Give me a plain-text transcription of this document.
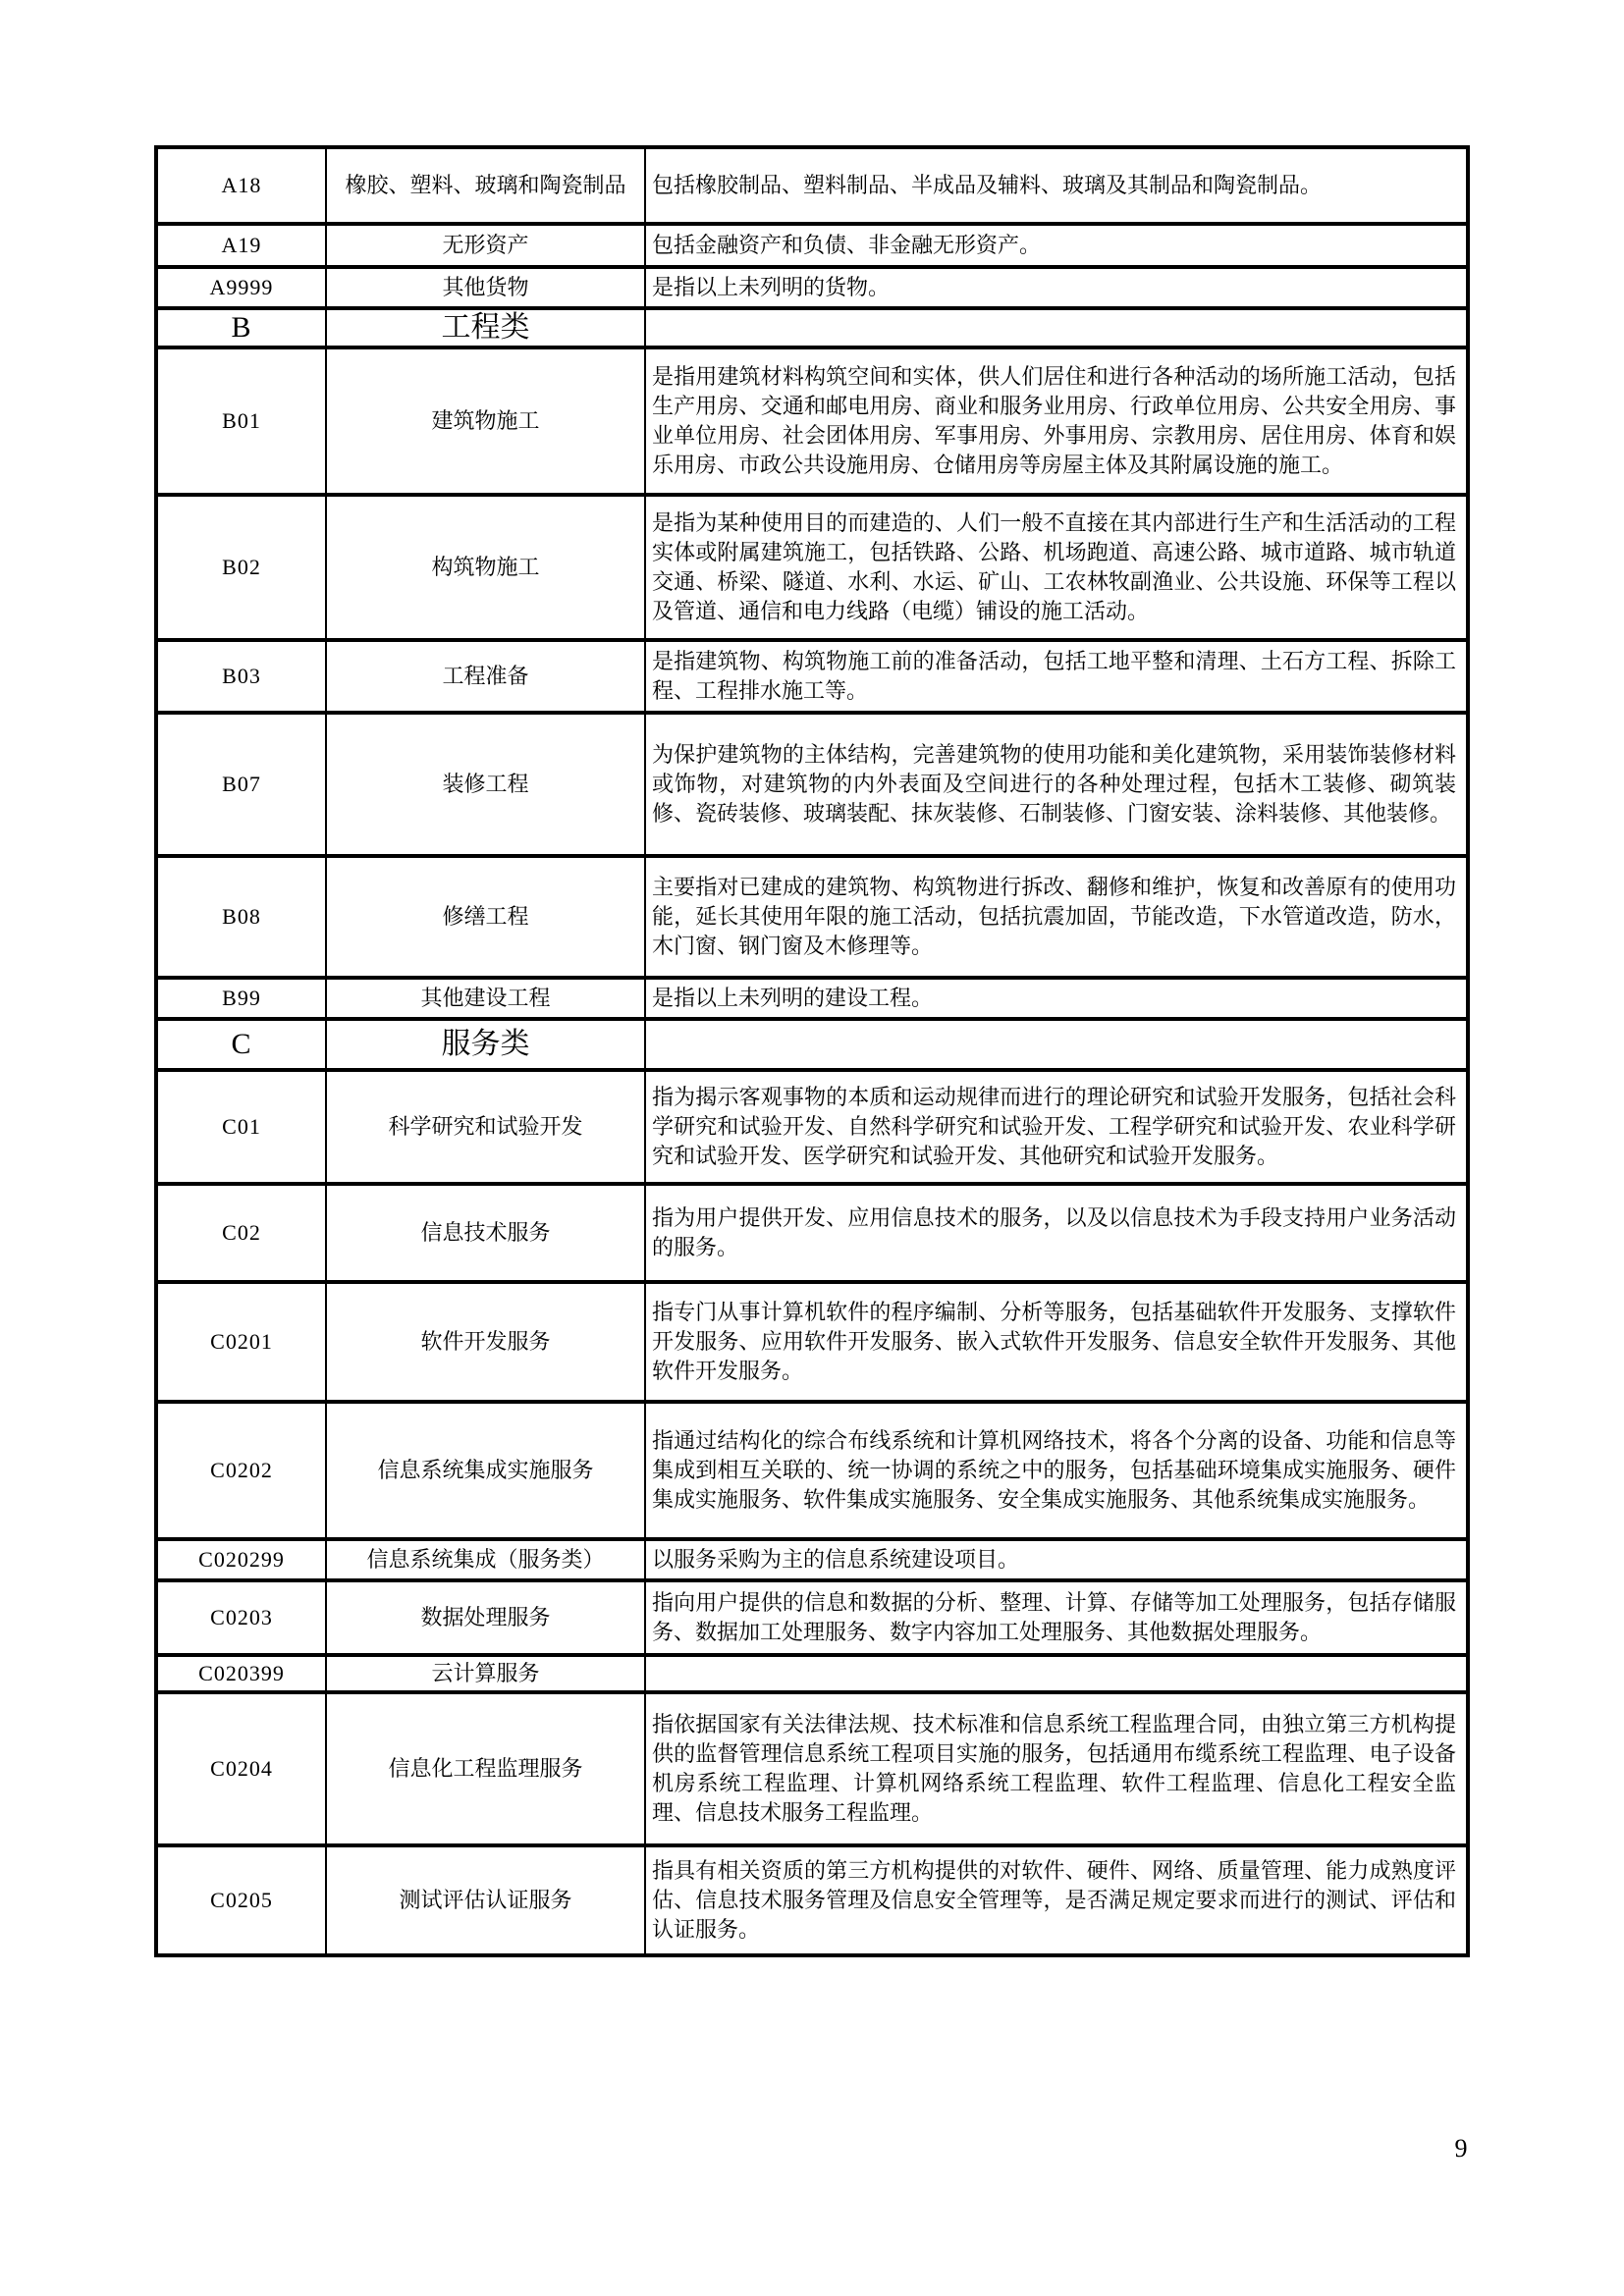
A18	橡胶、塑料、玻璃和陶瓷制品	包括橡胶制品、塑料制品、半成品及辅料、玻璃及其制品和陶瓷制品。
A19	无形资产	包括金融资产和负债、非金融无形资产。
A9999	其他货物	是指以上未列明的货物。
B	工程类	
B01	建筑物施工	是指用建筑材料构筑空间和实体，供人们居住和进行各种活动的场所施工活动，包括生产用房、交通和邮电用房、商业和服务业用房、行政单位用房、公共安全用房、事业单位用房、社会团体用房、军事用房、外事用房、宗教用房、居住用房、体育和娱乐用房、市政公共设施用房、仓储用房等房屋主体及其附属设施的施工。
B02	构筑物施工	是指为某种使用目的而建造的、人们一般不直接在其内部进行生产和生活活动的工程实体或附属建筑施工，包括铁路、公路、机场跑道、高速公路、城市道路、城市轨道交通、桥梁、隧道、水利、水运、矿山、工农林牧副渔业、公共设施、环保等工程以及管道、通信和电力线路（电缆）铺设的施工活动。
B03	工程准备	是指建筑物、构筑物施工前的准备活动，包括工地平整和清理、土石方工程、拆除工程、工程排水施工等。
B07	装修工程	为保护建筑物的主体结构，完善建筑物的使用功能和美化建筑物，采用装饰装修材料或饰物，对建筑物的内外表面及空间进行的各种处理过程，包括木工装修、砌筑装修、瓷砖装修、玻璃装配、抹灰装修、石制装修、门窗安装、涂料装修、其他装修。
B08	修缮工程	主要指对已建成的建筑物、构筑物进行拆改、翻修和维护，恢复和改善原有的使用功能，延长其使用年限的施工活动，包括抗震加固，节能改造，下水管道改造，防水，木门窗、钢门窗及木修理等。
B99	其他建设工程	是指以上未列明的建设工程。
C	服务类	
C01	科学研究和试验开发	指为揭示客观事物的本质和运动规律而进行的理论研究和试验开发服务，包括社会科学研究和试验开发、自然科学研究和试验开发、工程学研究和试验开发、农业科学研究和试验开发、医学研究和试验开发、其他研究和试验开发服务。
C02	信息技术服务	指为用户提供开发、应用信息技术的服务，以及以信息技术为手段支持用户业务活动的服务。
C0201	软件开发服务	指专门从事计算机软件的程序编制、分析等服务，包括基础软件开发服务、支撑软件开发服务、应用软件开发服务、嵌入式软件开发服务、信息安全软件开发服务、其他软件开发服务。
C0202	信息系统集成实施服务	指通过结构化的综合布线系统和计算机网络技术，将各个分离的设备、功能和信息等集成到相互关联的、统一协调的系统之中的服务，包括基础环境集成实施服务、硬件集成实施服务、软件集成实施服务、安全集成实施服务、其他系统集成实施服务。
C020299	信息系统集成（服务类）	以服务采购为主的信息系统建设项目。
C0203	数据处理服务	指向用户提供的信息和数据的分析、整理、计算、存储等加工处理服务，包括存储服务、数据加工处理服务、数字内容加工处理服务、其他数据处理服务。
C020399	云计算服务	
C0204	信息化工程监理服务	指依据国家有关法律法规、技术标准和信息系统工程监理合同，由独立第三方机构提供的监督管理信息系统工程项目实施的服务，包括通用布缆系统工程监理、电子设备机房系统工程监理、计算机网络系统工程监理、软件工程监理、信息化工程安全监理、信息技术服务工程监理。
C0205	测试评估认证服务	指具有相关资质的第三方机构提供的对软件、硬件、网络、质量管理、能力成熟度评估、信息技术服务管理及信息安全管理等，是否满足规定要求而进行的测试、评估和认证服务。
9
